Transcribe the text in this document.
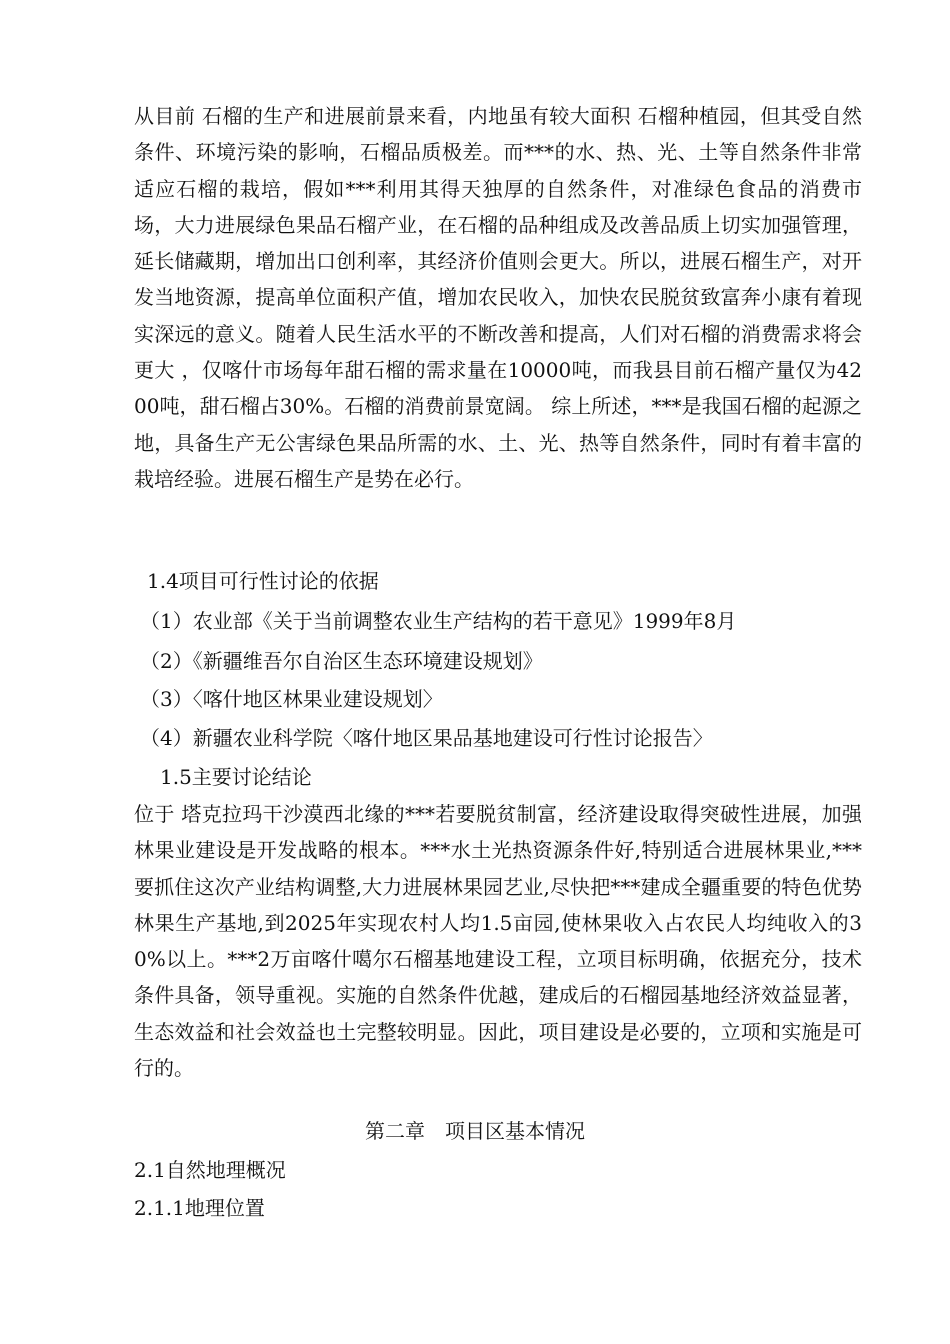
从目前 石榴的生产和进展前景来看，内地虽有较大面积 石榴种植园，但其受自然条件、环境污染的影响，石榴品质极差。而***的水、热、光、土等自然条件非常适应石榴的栽培，假如***利用其得天独厚的自然条件，对准绿色食品的消费市场，大力进展绿色果品石榴产业，在石榴的品种组成及改善品质上切实加强管理，延长储藏期，增加出口创利率，其经济价值则会更大。所以，进展石榴生产，对开发当地资源，提高单位面积产值，增加农民收入，加快农民脱贫致富奔小康有着现实深远的意义。随着人民生活水平的不断改善和提高，人们对石榴的消费需求将会更大 ，仅喀什市场每年甜石榴的需求量在10000吨，而我县目前石榴产量仅为4200吨，甜石榴占30%。石榴的消费前景宽阔。 综上所述，***是我国石榴的起源之地，具备生产无公害绿色果品所需的水、土、光、热等自然条件，同时有着丰富的栽培经验。进展石榴生产是势在必行。

1.4项目可行性讨论的依据

（1）农业部《关于当前调整农业生产结构的若干意见》1999年8月

（2）《新疆维吾尔自治区生态环境建设规划》

（3）〈喀什地区林果业建设规划〉

（4）新疆农业科学院〈喀什地区果品基地建设可行性讨论报告〉

1.5主要讨论结论

位于 塔克拉玛干沙漠西北缘的***若要脱贫制富，经济建设取得突破性进展，加强林果业建设是开发战略的根本。***水土光热资源条件好,特别适合进展林果业,***要抓住这次产业结构调整,大力进展林果园艺业,尽快把***建成全疆重要的特色优势林果生产基地,到2025年实现农村人均1.5亩园,使林果收入占农民人均纯收入的30%以上。***2万亩喀什噶尔石榴基地建设工程，立项目标明确，依据充分，技术条件具备，领导重视。实施的自然条件优越，建成后的石榴园基地经济效益显著，生态效益和社会效益也土完整较明显。因此，项目建设是必要的，立项和实施是可行的。

第二章　项目区基本情况

2.1自然地理概况

2.1.1地理位置
